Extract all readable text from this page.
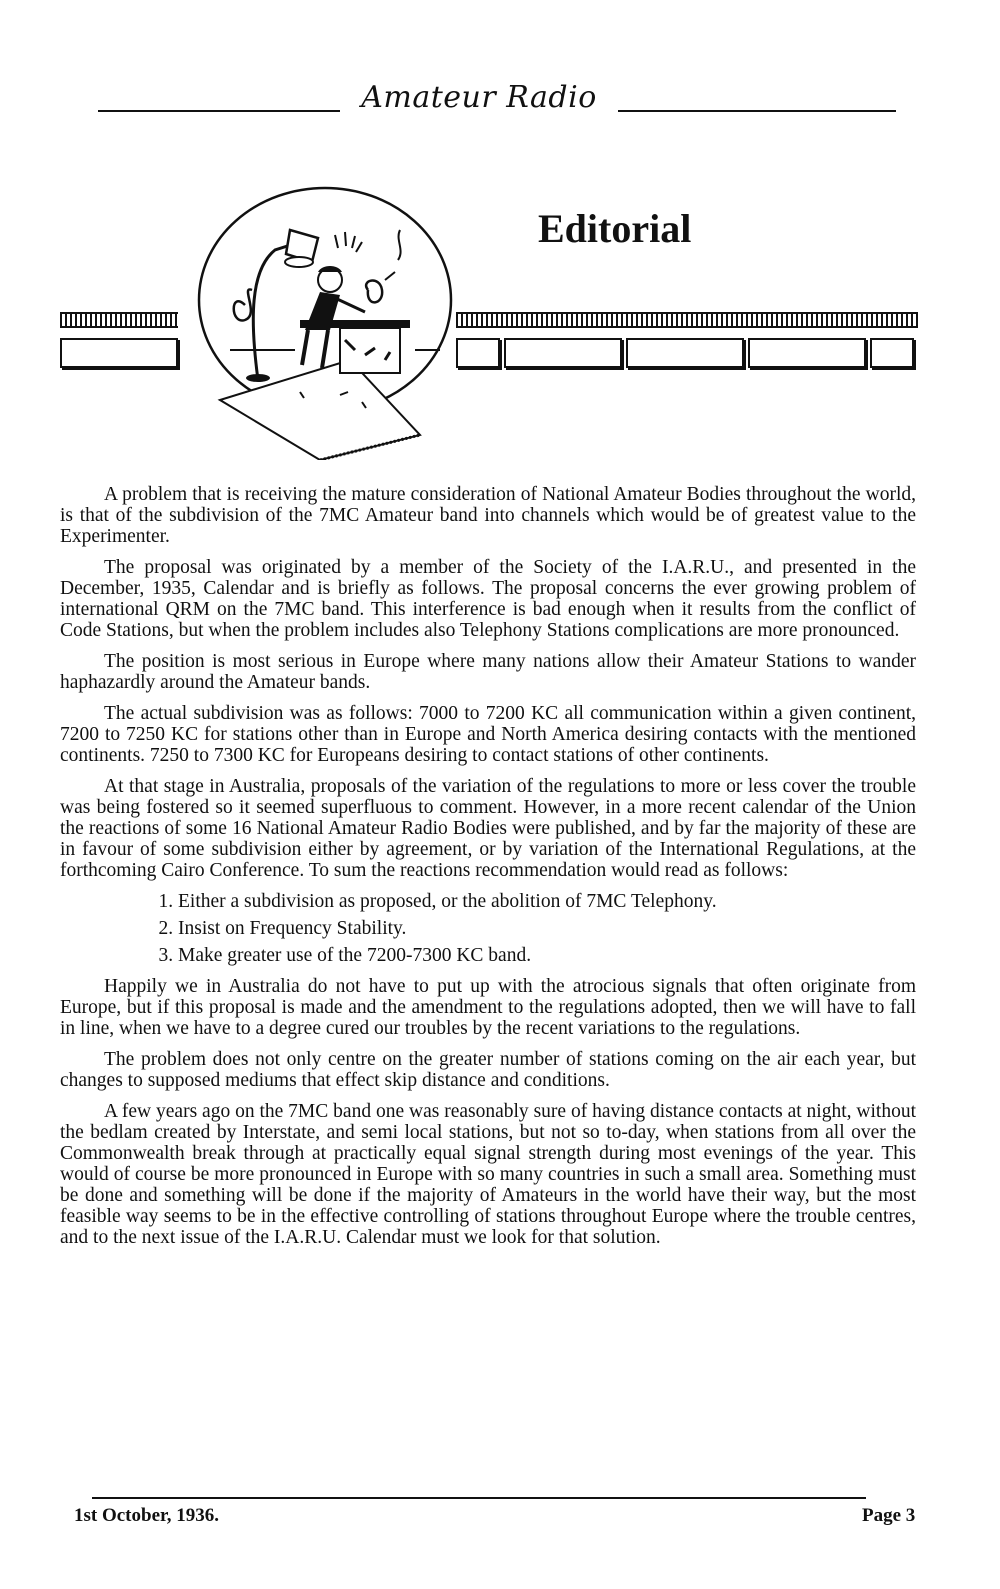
Amateur Radio
Editorial

A problem that is receiving the mature consideration of National Amateur Bodies throughout the world, is that of the subdivision of the 7MC Amateur band into channels which would be of greatest value to the Experimenter.

The proposal was originated by a member of the Society of the I.A.R.U., and presented in the December, 1935, Calendar and is briefly as follows. The proposal concerns the ever growing problem of international QRM on the 7MC band. This interference is bad enough when it results from the conflict of Code Stations, but when the problem includes also Telephony Stations complications are more pronounced.

The position is most serious in Europe where many nations allow their Amateur Stations to wander haphazardly around the Amateur bands.

The actual subdivision was as follows: 7000 to 7200 KC all communication within a given continent, 7200 to 7250 KC for stations other than in Europe and North America desiring contacts with the mentioned continents. 7250 to 7300 KC for Europeans desiring to contact stations of other continents.

At that stage in Australia, proposals of the variation of the regulations to more or less cover the trouble was being fostered so it seemed superfluous to comment. However, in a more recent calendar of the Union the reactions of some 16 National Amateur Radio Bodies were published, and by far the majority of these are in favour of some subdivision either by agreement, or by variation of the International Regulations, at the forthcoming Cairo Conference. To sum the reactions recommendation would read as follows:

1. Either a subdivision as proposed, or the abolition of 7MC Telephony.
2. Insist on Frequency Stability.
3. Make greater use of the 7200-7300 KC band.

Happily we in Australia do not have to put up with the atrocious signals that often originate from Europe, but if this proposal is made and the amendment to the regulations adopted, then we will have to fall in line, when we have to a degree cured our troubles by the recent variations to the regulations.

The problem does not only centre on the greater number of stations coming on the air each year, but changes to supposed mediums that effect skip distance and conditions.

A few years ago on the 7MC band one was reasonably sure of having distance contacts at night, without the bedlam created by Interstate, and semi local stations, but not so to-day, when stations from all over the Commonwealth break through at practically equal signal strength during most evenings of the year. This would of course be more pronounced in Europe with so many countries in such a small area. Something must be done and something will be done if the majority of Amateurs in the world have their way, but the most feasible way seems to be in the effective controlling of stations throughout Europe where the trouble centres, and to the next issue of the I.A.R.U. Calendar must we look for that solution.

1st October, 1936.	Page 3
